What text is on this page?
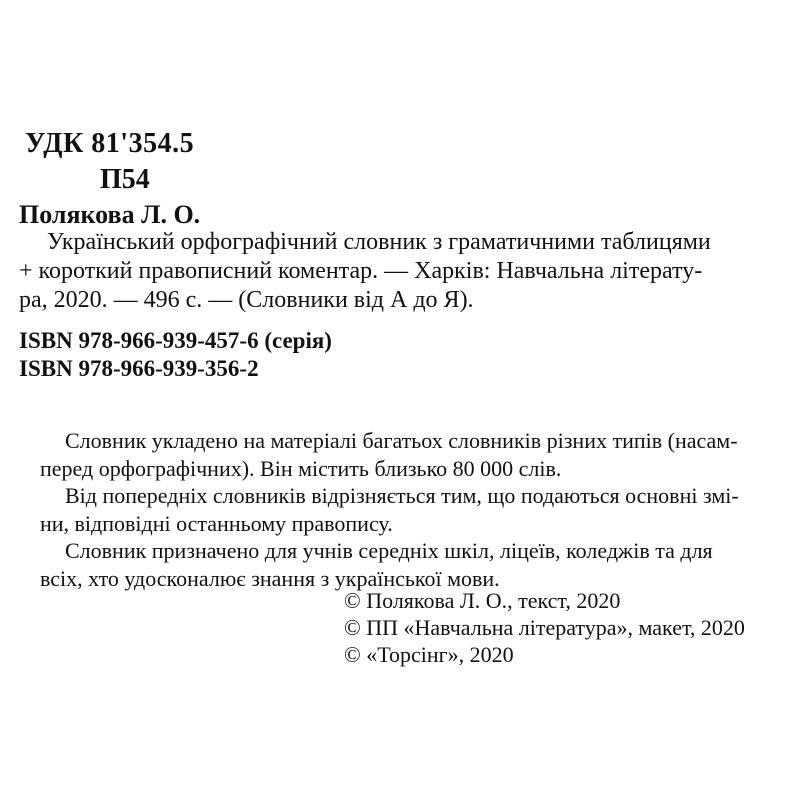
УДК 81'354.5
П54
Полякова Л. О.
Український орфографічний словник з граматичними таблицями
+ короткий правописний коментар. — Харків: Навчальна літерату-
ра, 2020. — 496 с. — (Словники від А до Я).
ISBN 978-966-939-457-6 (серія)
ISBN 978-966-939-356-2
Словник укладено на матеріалі багатьох словників різних типів (насам-
перед орфографічних). Він містить близько 80 000 слів.
Від попередніх словників відрізняється тим, що подаються основні змі-
ни, відповідні останньому правопису.
Словник призначено для учнів середніх шкіл, ліцеїв, коледжів та для
всіх, хто удосконалює знання з української мови.
© Полякова Л. О., текст, 2020
© ПП «Навчальна література», макет, 2020
© «Торсінг», 2020
